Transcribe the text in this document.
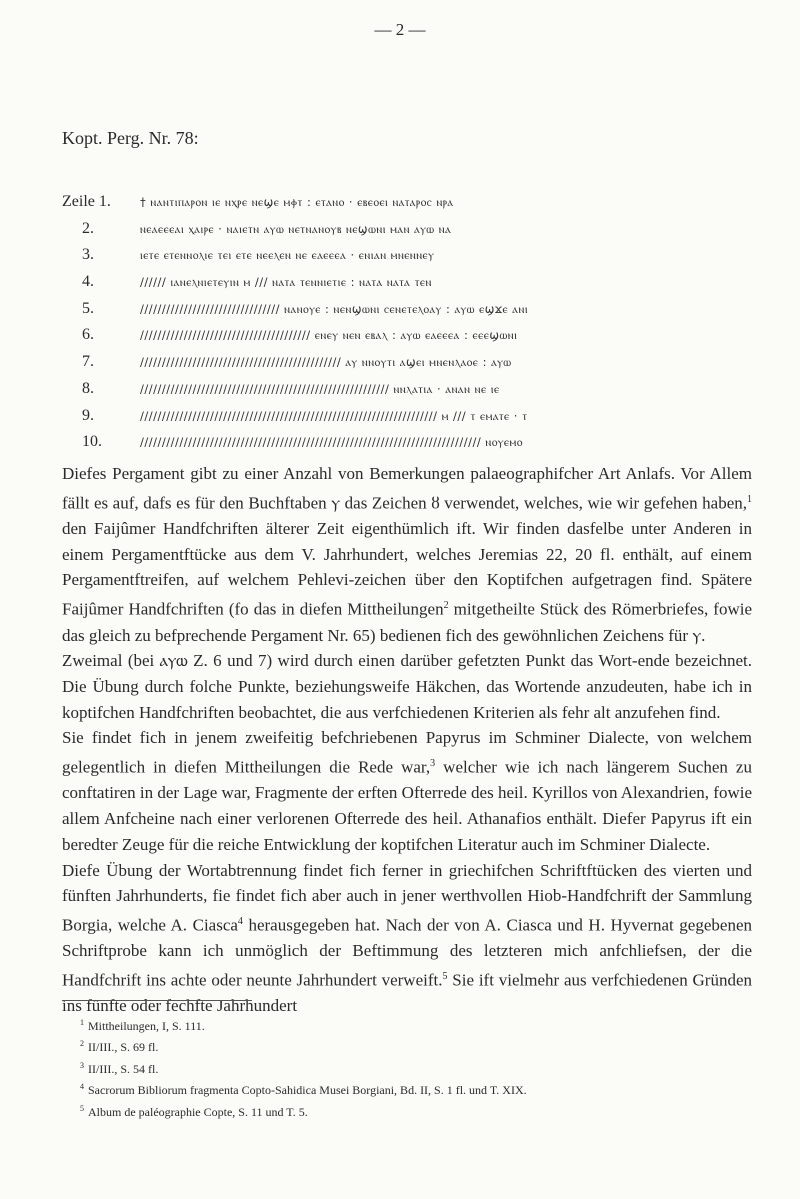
— 2 —
Kopt. Perg. Nr. 78:
Zeile 1.	† ⲛⲁⲛⲧⲓⲡⲁⲣⲟⲛ ⲓⲉ ⲛⲭⲣⲉ ⲛⲉϣⲉ ⲙⲫⲧ : ⲉⲧⲁⲛⲟ · ⲉⲃⲉⲟⲉⲓ ⲛⲁⲧⲁⲣⲟⲥ ⲛⲣⲁ
2.	ⲛⲉⲁⲉⲉⲉⲁⲓ ⲭⲁⲓⲣⲉ · ⲛⲁⲓⲉⲧⲛ ⲁⲩⲱ ⲛⲉⲧⲛⲁⲛⲟⲩⲃ ⲛⲉϣⲱⲛⲓ ⲙⲁⲛ ⲁⲩⲱ ⲛⲁ
3.	ⲓⲉⲧⲉ ⲉⲧⲉⲛⲛⲟⲗⲓⲉ ⲧⲉⲓ ⲉⲧⲉ ⲛⲉⲉⲗⲉⲛ ⲛⲉ ⲉⲁⲉⲉⲉⲁ · ⲉⲛⲓⲁⲛ ⲙⲛⲉⲛⲛⲉⲩ
4.	////// ⲓⲁⲛⲉⲗⲛⲓⲉⲧⲉⲩⲓⲛ ⲙ /// ⲛⲁⲧⲁ ⲧⲉⲛⲛⲓⲉⲧⲓⲉ : ⲛⲁⲧⲁ ⲛⲁⲧⲁ ⲧⲉⲛ
5.	//////////////////////////////// ⲛⲁⲛⲟⲩⲉ : ⲛⲉⲛϣⲱⲛⲓ ⲥⲉⲛⲉⲧⲉⲗⲟⲁⲩ : ⲁⲩⲱ ⲉϣϫⲉ ⲁⲛⲓ
6.	/////////////////////////////////////// ⲉⲛⲉⲩ ⲛⲉⲛ ⲉⲃⲁⲗ : ⲁⲩⲱ ⲉⲁⲉⲉⲉⲁ : ⲉⲉⲉϣⲱⲛⲓ
7.	////////////////////////////////////////////// ⲁⲩ ⲛⲛⲟⲩⲧⲓ ⲁϣⲉⲓ ⲙⲛⲉⲛⲗⲁⲟⲉ : ⲁⲩⲱ
8.	///////////////////////////////////////////////////////// ⲛⲛⲗⲁⲧⲓⲁ · ⲁⲛⲁⲛ ⲛⲉ ⲓⲉ
9.	//////////////////////////////////////////////////////////////////// ⲙ /// ⲧ ⲉⲙⲁⲧⲉ · ⲧ
10.	////////////////////////////////////////////////////////////////////////////// ⲛⲟⲩⲉⲙⲟ

Diefes Pergament gibt zu einer Anzahl von Bemerkungen palaeographifcher Art Anlafs. Vor Allem fällt es auf, dafs es für den Buchftaben ⲩ das Zeichen ȣ verwendet, welches, wie wir gefehen haben,$^1$ den Faijûmer Handfchriften älterer Zeit eigenthümlich ift. Wir finden dasfelbe unter Anderen in einem Pergamentftücke aus dem V. Jahrhundert, welches Jeremias 22, 20 fl. enthält, auf einem Pergamentftreifen, auf welchem Pehlevi-zeichen über den Koptifchen aufgetragen find. Spätere Faijûmer Handfchriften (fo das in diefen Mittheilungen$^2$ mitgetheilte Stück des Römerbriefes, fowie das gleich zu befprechende Pergament Nr. 65) bedienen fich des gewöhnlichen Zeichens für ⲩ.

Zweimal (bei ⲁⲩⲱ Z. 6 und 7) wird durch einen darüber gefetzten Punkt das Wort-ende bezeichnet. Die Übung durch folche Punkte, beziehungsweife Häkchen, das Wortende anzudeuten, habe ich in koptifchen Handfchriften beobachtet, die aus verfchiedenen Kriterien als fehr alt anzufehen find.

Sie findet fich in jenem zweifeitig befchriebenen Papyrus im Schminer Dialecte, von welchem gelegentlich in diefen Mittheilungen die Rede war,$^3$ welcher wie ich nach längerem Suchen zu conftatiren in der Lage war, Fragmente der erften Ofterrede des heil. Kyrillos von Alexandrien, fowie allem Anfcheine nach einer verlorenen Ofterrede des heil. Athanafios enthält. Diefer Papyrus ift ein beredter Zeuge für die reiche Entwicklung der koptifchen Literatur auch im Schminer Dialecte.

Diefe Übung der Wortabtrennung findet fich ferner in griechifchen Schriftftücken des vierten und fünften Jahrhunderts, fie findet fich aber auch in jener werthvollen Hiob-Handfchrift der Sammlung Borgia, welche A. Ciasca$^4$ herausgegeben hat. Nach der von A. Ciasca und H. Hyvernat gegebenen Schriftprobe kann ich unmöglich der Beftimmung des letzteren mich anfchliefsen, der die Handfchrift ins achte oder neunte Jahrhundert verweift.$^5$ Sie ift vielmehr aus verfchiedenen Gründen ins fünfte oder fechfte Jahrhundert

$^1$ Mittheilungen, I, S. 111.
$^2$ II/III., S. 69 fl.
$^3$ II/III., S. 54 fl.
$^4$ Sacrorum Bibliorum fragmenta Copto-Sahidica Musei Borgiani, Bd. II, S. 1 fl. und T. XIX.
$^5$ Album de paléographie Copte, S. 11 und T. 5.
